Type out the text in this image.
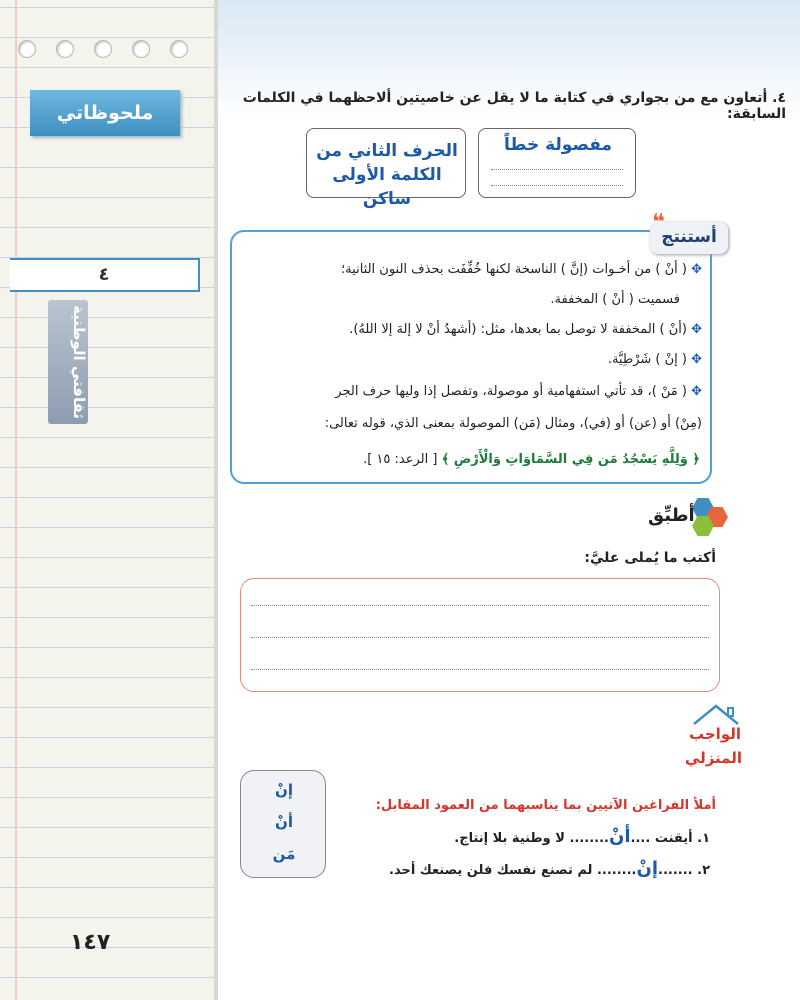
ملحوظاتي
٤
ثقافتي الوطنية
١٤٧
٤. أتعاون مع من بجواري في كتابة ما لا يقل عن خاصيتين ألاحظهما في الكلمات السابقة:
الحرف الثاني من الكلمة الأولى ساكن
مفصولة خطاً
أستنتج
❝
✥ ( أنْ ) من أخـوات (إنَّ ) الناسخة لكنها خُفِّفَت بحذف النون الثانية؛
فسميت ( أنْ ) المخففة.
✥ (أنْ ) المخففة لا توصل بما بعدها، مثل: (أشهدُ أنْ لا إلهَ إلا اللهُ).
✥ ( إنْ ) شَرْطِيَّة.
✥ ( مَنْ )، قد تأتي استفهامية أو موصولة، وتفصل إذا وليها حرف الجر
(مِنْ) أو (عن) أو (في)، ومثال (مَن) الموصولة بمعنى الذي، قوله تعالى:
﴿ وَلِلَّهِ يَسْجُدُ مَن فِي السَّمَاوَاتِ وَالْأَرْضِ ﴾ [ الرعد: ١٥ ].
أطبِّق
أكتب ما يُملى عليَّ:
الواجب
المنزلي
إنْ
أنْ
مَن
أملأ الفراغين الآتيين بما يناسبهما من العمود المقابل:
١. أيقنت ....أنْ........ لا وطنية بلا إنتاج.
٢. .......إنْ........ لم تصنع نفسك فلن يصنعك أحد.
